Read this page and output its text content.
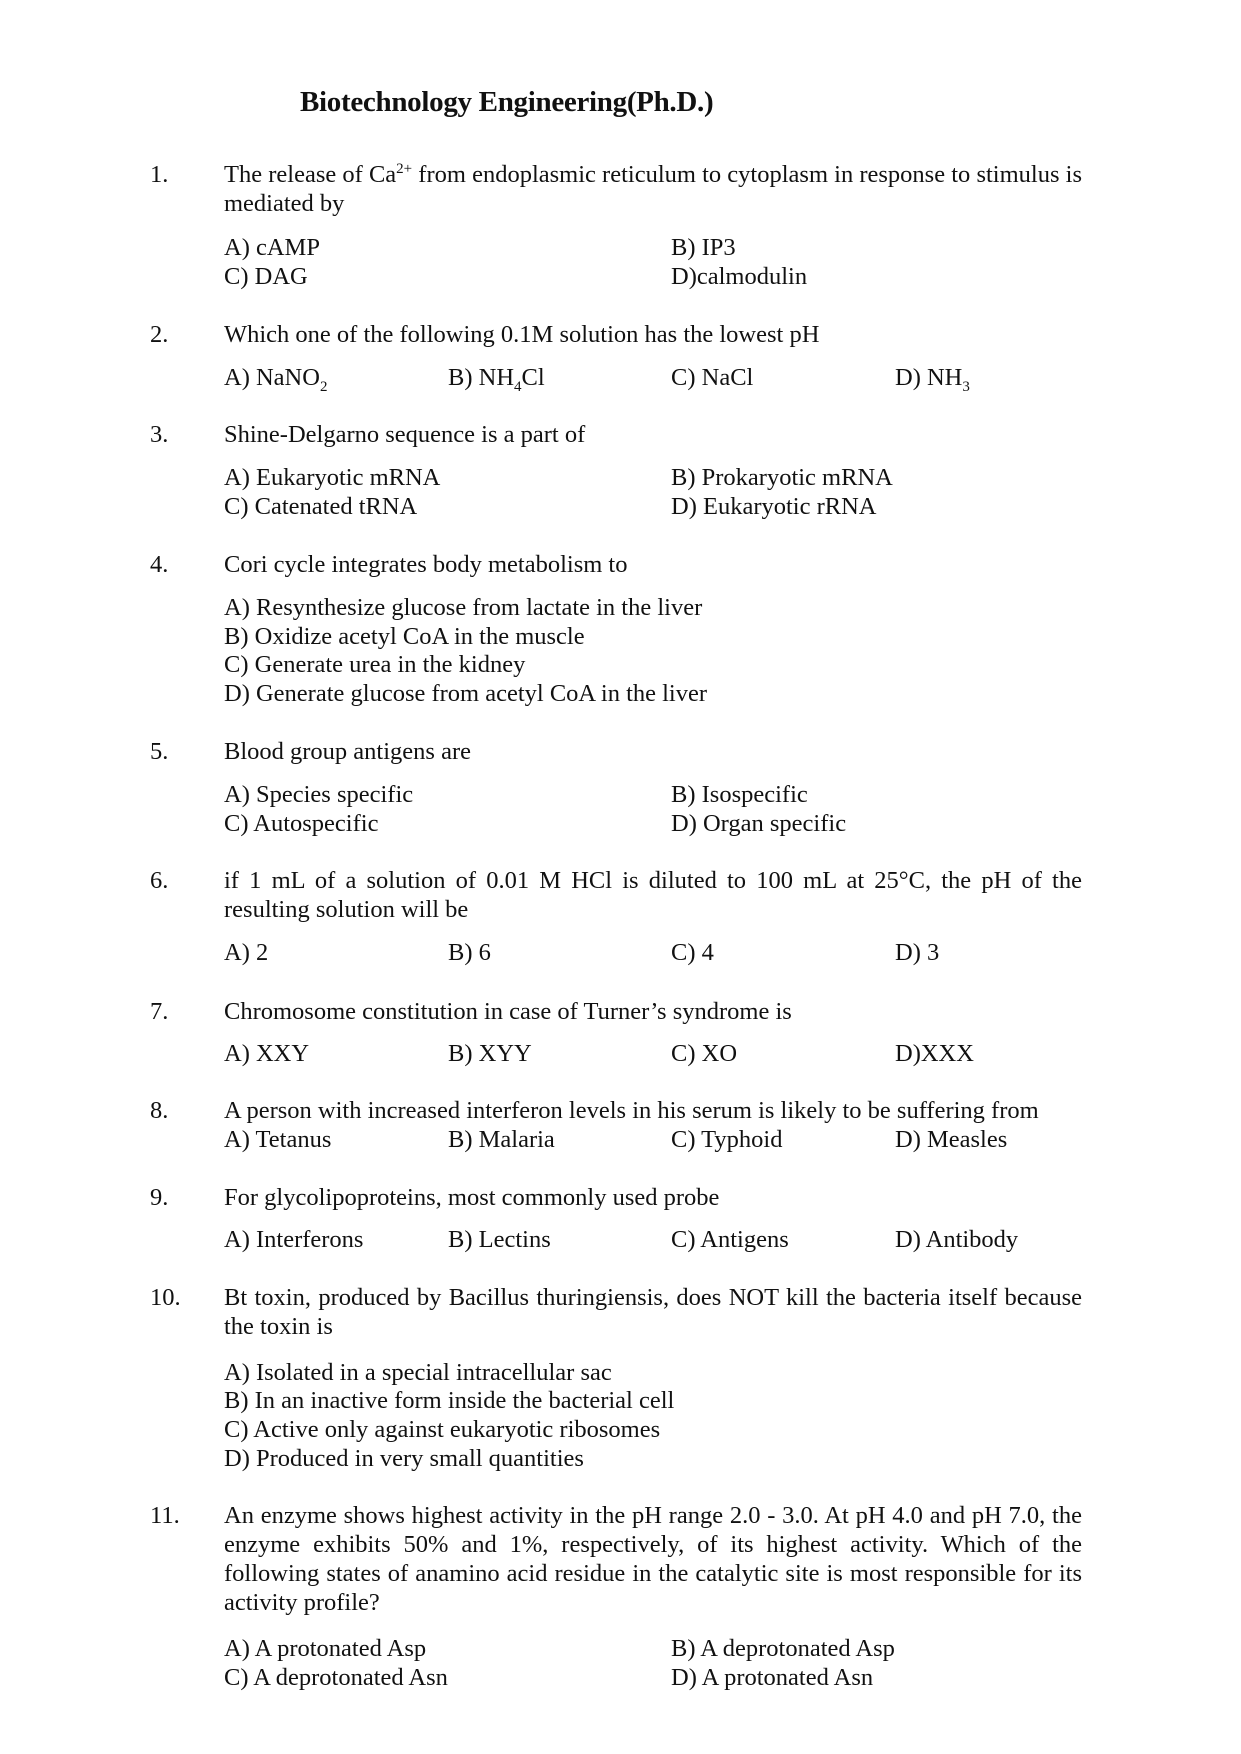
Biotechnology Engineering(Ph.D.)
1. The release of $Ca^{2+}$ from endoplasmic reticulum to cytoplasm in response to stimulus is mediated by
A) cAMP	B) IP3
C) DAG	D)calmodulin
2. Which one of the following 0.1M solution has the lowest pH
A) NaNO$_2$	B) $NH_4Cl$	C) NaCl	D) $NH_3$
3. Shine-Delgarno sequence is a part of
A) Eukaryotic mRNA	B) Prokaryotic mRNA
C) Catenated tRNA	D) Eukaryotic rRNA
4. Cori cycle integrates body metabolism to
A) Resynthesize glucose from lactate in the liver
B) Oxidize acetyl CoA in the muscle
C) Generate urea in the kidney
D) Generate glucose from acetyl CoA in the liver
5. Blood group antigens are
A) Species specific	B) Isospecific
C) Autospecific	D) Organ specific
6. if 1 mL of a solution of 0.01 M HCl is diluted to 100 mL at 25°C, the pH of the resulting solution will be
A) 2	B) 6	C) 4	D) 3
7. Chromosome constitution in case of Turner’s syndrome is
A) XXY	B) XYY	C) XO	D)XXX
8. A person with increased interferon levels in his serum is likely to be suffering from
A) Tetanus	B) Malaria	C) Typhoid	D) Measles
9. For glycolipoproteins, most commonly used probe
A) Interferons	B) Lectins	C) Antigens	D) Antibody
10. Bt toxin, produced by Bacillus thuringiensis, does NOT kill the bacteria itself because the toxin is
A) Isolated in a special intracellular sac
B) In an inactive form inside the bacterial cell
C) Active only against eukaryotic ribosomes
D) Produced in very small quantities
11. An enzyme shows highest activity in the pH range 2.0 - 3.0. At pH 4.0 and pH 7.0, the enzyme exhibits 50% and 1%, respectively, of its highest activity. Which of the following states of anamino acid residue in the catalytic site is most responsible for its activity profile?
A) A protonated Asp	B) A deprotonated Asp
C) A deprotonated Asn	D) A protonated Asn
